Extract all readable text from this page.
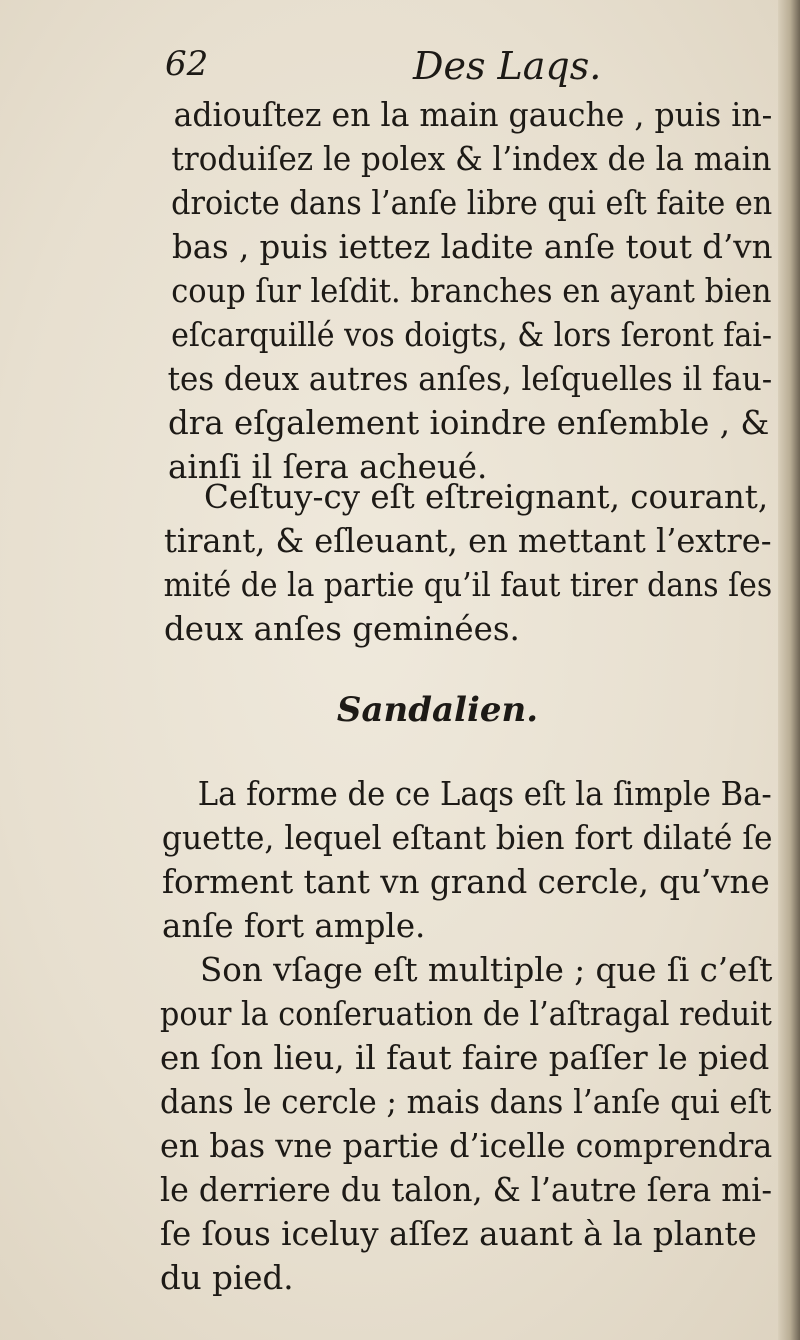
62	Des Laqs.

adiouſtez en la main gauche , puis in-
troduiſez le polex & l’index de la main
droicte dans l’anſe libre qui eſt faite en
bas , puis iettez ladite anſe tout d’vn
coup ſur leſdit. branches en ayant bien
eſcarquillé vos doigts, & lors ſeront fai-
tes deux autres anſes, leſquelles il fau-
dra eſgalement ioindre enſemble , &
ainſi il ſera acheué.

Ceſtuy-cy eſt eſtreignant, courant,
tirant, & eſleuant, en mettant l’extre-
mité de la partie qu’il faut tirer dans ſes
deux anſes geminées.

Sandalien.

La forme de ce Laqs eſt la ſimple Ba-
guette, lequel eſtant bien fort dilaté ſe
forment tant vn grand cercle, qu’vne
anſe fort ample.

Son vſage eſt multiple ; que ſi c’eſt
pour la conſeruation de l’aſtragal reduit
en ſon lieu, il faut faire paſſer le pied
dans le cercle ; mais dans l’anſe qui eſt
en bas vne partie d’icelle comprendra
le derriere du talon, & l’autre ſera mi-
ſe ſous iceluy aſſez auant à la plante
du pied.
